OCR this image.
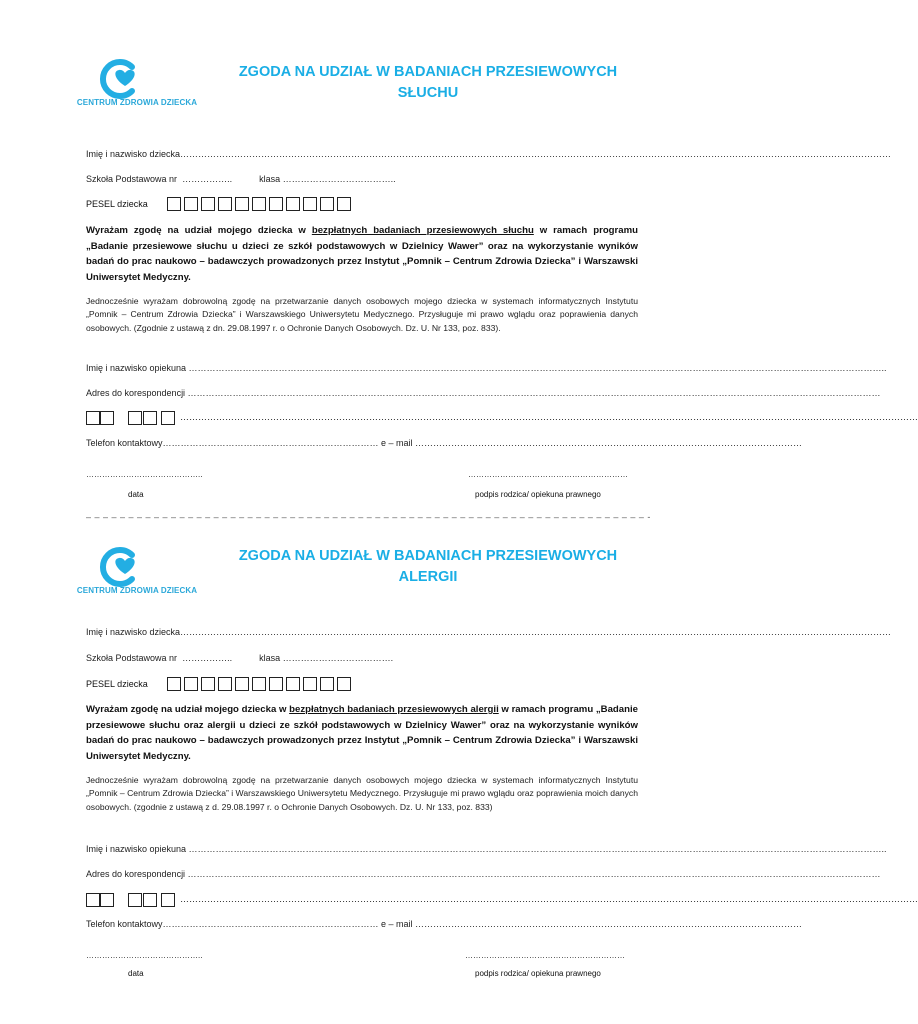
CENTRUM ZDROWIA DZIECKA
ZGODA NA UDZIAŁ W BADANIACH PRZESIEWOWYCH
SŁUCHU
Imię i nazwisko dziecka…………………………………………………………………………………………………………………………………………………………………………………………………………………
Szkoła Podstawowa nr ……………..	klasa ………………………………..
PESEL dziecka
Wyrażam zgodę na udział mojego dziecka w bezpłatnych badaniach przesiewowych słuchu w ramach programu „Badanie przesiewowe słuchu u dzieci ze szkół podstawowych w Dzielnicy Wawer” oraz na wykorzystanie wyników badań do prac naukowo – badawczych prowadzonych przez Instytut „Pomnik – Centrum Zdrowia Dziecka” i Warszawski Uniwersytet Medyczny.
Jednocześnie wyrażam dobrowolną zgodę na przetwarzanie danych osobowych mojego dziecka w systemach informatycznych Instytutu „Pomnik – Centrum Zdrowia Dziecka” i Warszawskiego Uniwersytetu Medycznego. Przysługuje mi prawo wglądu oraz poprawienia danych osobowych. (Zgodnie z ustawą z dn. 29.08.1997 r. o Ochronie Danych Osobowych. Dz. U. Nr 133, poz. 833).
Imię i nazwisko opiekuna ……………………………………………………………………………………………………………………………………………………………………………………………………………..
Adres do korespondencji ……………………………………………………………………………………………………………………………………………………………………………………………………………
…………………………………………………………………………………………………………………………………………………………………………………………………………………………
Telefon kontaktowy……………………………………………………………… e – mail …………………………………………………………………………………………………………………
……………………………………..	……………………………………………………
data	podpis rodzica/ opiekuna prawnego
– – – – – – – – – – – – – – – – – – – – – – – – – – – – – – – – – – – – – – – – – – – – – – – – – – – – – – – – – – – – – – – – – – -
CENTRUM ZDROWIA DZIECKA
ZGODA NA UDZIAŁ W BADANIACH PRZESIEWOWYCH
ALERGII
Imię i nazwisko dziecka…………………………………………………………………………………………………………………………………………………………………………………………………………………
Szkoła Podstawowa nr ……………..	klasa ……………………………….
PESEL dziecka
Wyrażam zgodę na udział mojego dziecka w bezpłatnych badaniach przesiewowych alergii w ramach programu „Badanie przesiewowe słuchu oraz alergii u dzieci ze szkół podstawowych w Dzielnicy Wawer” oraz na wykorzystanie wyników badań do prac naukowo – badawczych prowadzonych przez Instytut „Pomnik – Centrum Zdrowia Dziecka” i Warszawski Uniwersytet Medyczny.
Jednocześnie wyrażam dobrowolną zgodę na przetwarzanie danych osobowych mojego dziecka w systemach informatycznych Instytutu „Pomnik – Centrum Zdrowia Dziecka” i Warszawskiego Uniwersytetu Medycznego. Przysługuje mi prawo wglądu oraz poprawienia moich danych osobowych. (zgodnie z ustawą z d. 29.08.1997 r. o Ochronie Danych Osobowych. Dz. U. Nr 133, poz. 833)
Imię i nazwisko opiekuna ……………………………………………………………………………………………………………………………………………………………………………………………………………..
Adres do korespondencji ……………………………………………………………………………………………………………………………………………………………………………………………………………
…………………………………………………………………………………………………………………………………………………………………………………………………………………………
Telefon kontaktowy……………………………………………………………… e – mail …………………………………………………………………………………………………………………
……………………………………..	……………………………………………………
data	podpis rodzica/ opiekuna prawnego
